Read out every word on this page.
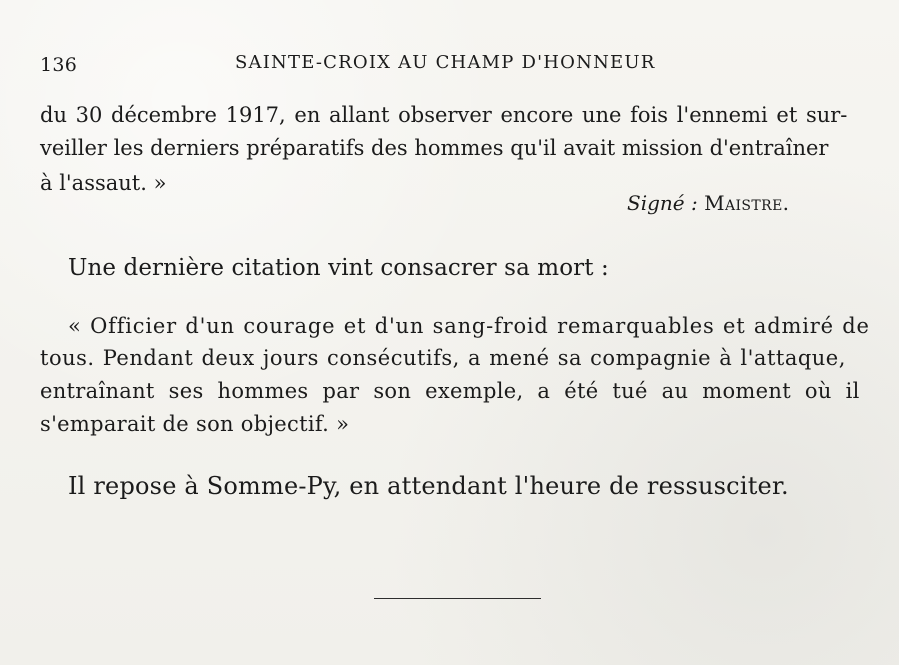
136	SAINTE-CROIX AU CHAMP D'HONNEUR
du 30 décembre 1917, en allant observer encore une fois l'ennemi et sur-
veiller les derniers préparatifs des hommes qu'il avait mission d'entraîner
à l'assaut. »
Signé : Maistre.
Une dernière citation vint consacrer sa mort :
« Officier d'un courage et d'un sang-froid remarquables et admiré de
tous. Pendant deux jours consécutifs, a mené sa compagnie à l'attaque,
entraînant ses hommes par son exemple, a été tué au moment où il
s'emparait de son objectif. »
Il repose à Somme-Py, en attendant l'heure de ressusciter.
